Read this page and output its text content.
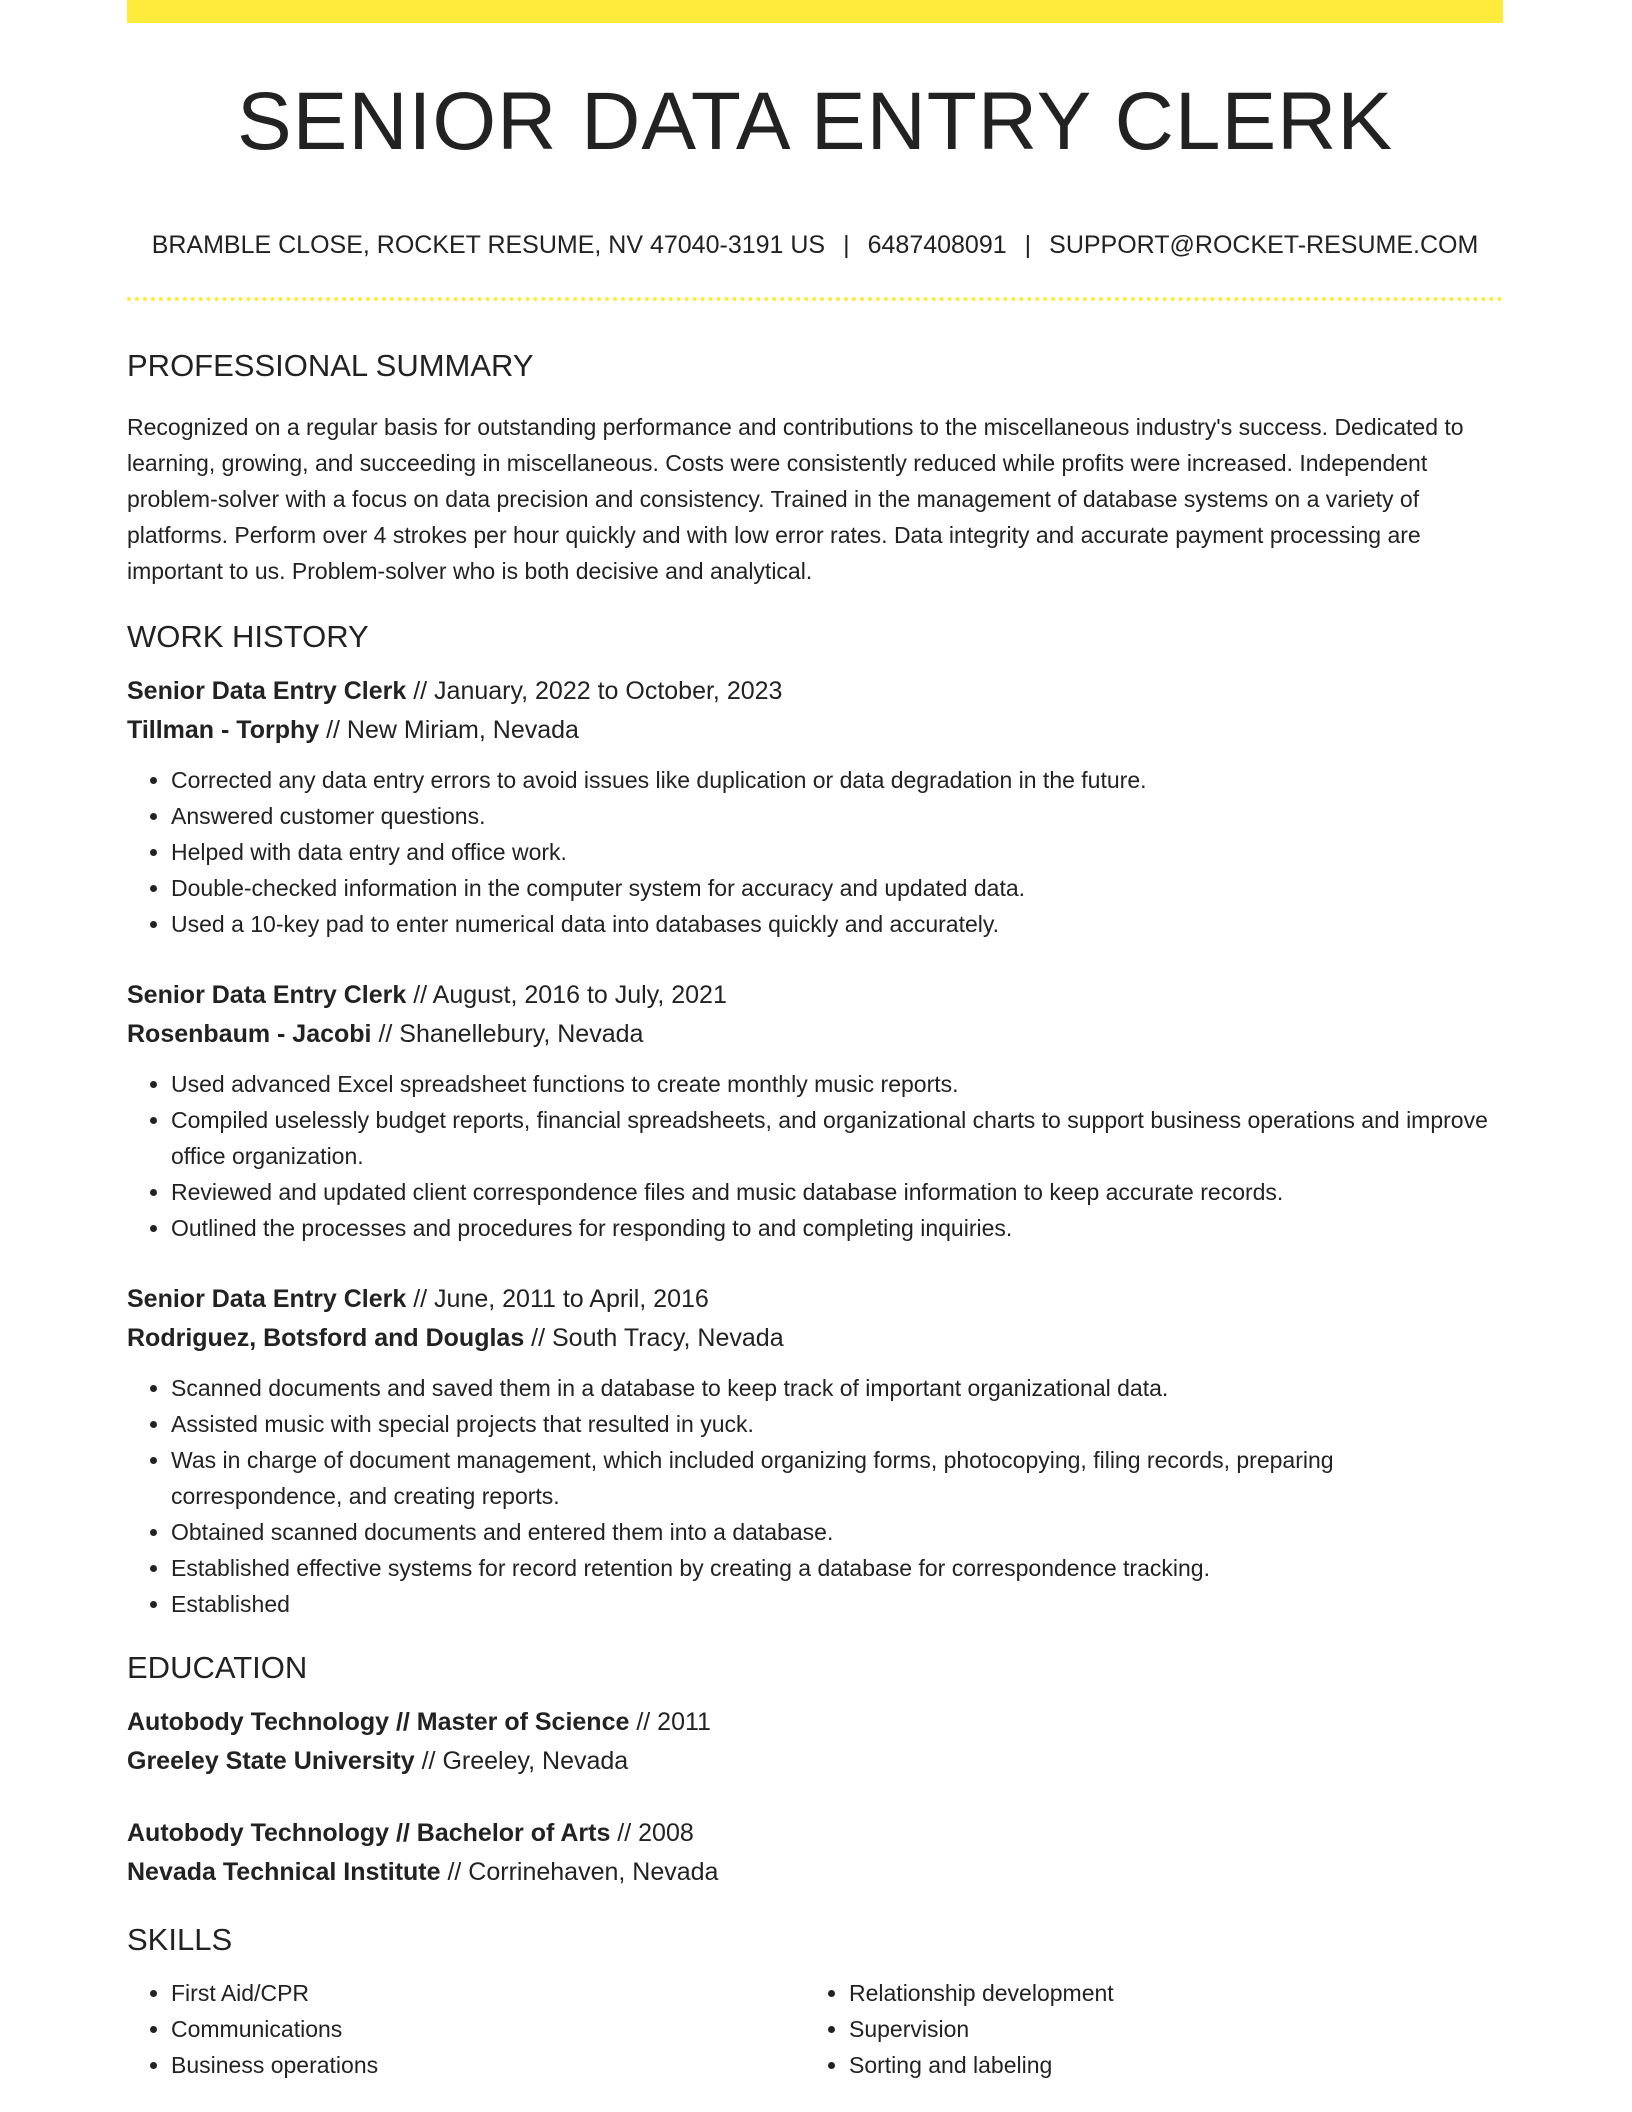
SENIOR DATA ENTRY CLERK
BRAMBLE CLOSE, ROCKET RESUME, NV 47040-3191 US | 6487408091 | SUPPORT@ROCKET-RESUME.COM
PROFESSIONAL SUMMARY
Recognized on a regular basis for outstanding performance and contributions to the miscellaneous industry's success. Dedicated to learning, growing, and succeeding in miscellaneous. Costs were consistently reduced while profits were increased. Independent problem-solver with a focus on data precision and consistency. Trained in the management of database systems on a variety of platforms. Perform over 4 strokes per hour quickly and with low error rates. Data integrity and accurate payment processing are important to us. Problem-solver who is both decisive and analytical.
WORK HISTORY
Senior Data Entry Clerk // January, 2022 to October, 2023
Tillman - Torphy // New Miriam, Nevada
• Corrected any data entry errors to avoid issues like duplication or data degradation in the future.
• Answered customer questions.
• Helped with data entry and office work.
• Double-checked information in the computer system for accuracy and updated data.
• Used a 10-key pad to enter numerical data into databases quickly and accurately.
Senior Data Entry Clerk // August, 2016 to July, 2021
Rosenbaum - Jacobi // Shanellebury, Nevada
• Used advanced Excel spreadsheet functions to create monthly music reports.
• Compiled uselessly budget reports, financial spreadsheets, and organizational charts to support business operations and improve office organization.
• Reviewed and updated client correspondence files and music database information to keep accurate records.
• Outlined the processes and procedures for responding to and completing inquiries.
Senior Data Entry Clerk // June, 2011 to April, 2016
Rodriguez, Botsford and Douglas // South Tracy, Nevada
• Scanned documents and saved them in a database to keep track of important organizational data.
• Assisted music with special projects that resulted in yuck.
• Was in charge of document management, which included organizing forms, photocopying, filing records, preparing correspondence, and creating reports.
• Obtained scanned documents and entered them into a database.
• Established effective systems for record retention by creating a database for correspondence tracking.
• Established
EDUCATION
Autobody Technology // Master of Science // 2011
Greeley State University // Greeley, Nevada
Autobody Technology // Bachelor of Arts // 2008
Nevada Technical Institute // Corrinehaven, Nevada
SKILLS
• First Aid/CPR
• Communications
• Business operations
• Relationship development
• Supervision
• Sorting and labeling
